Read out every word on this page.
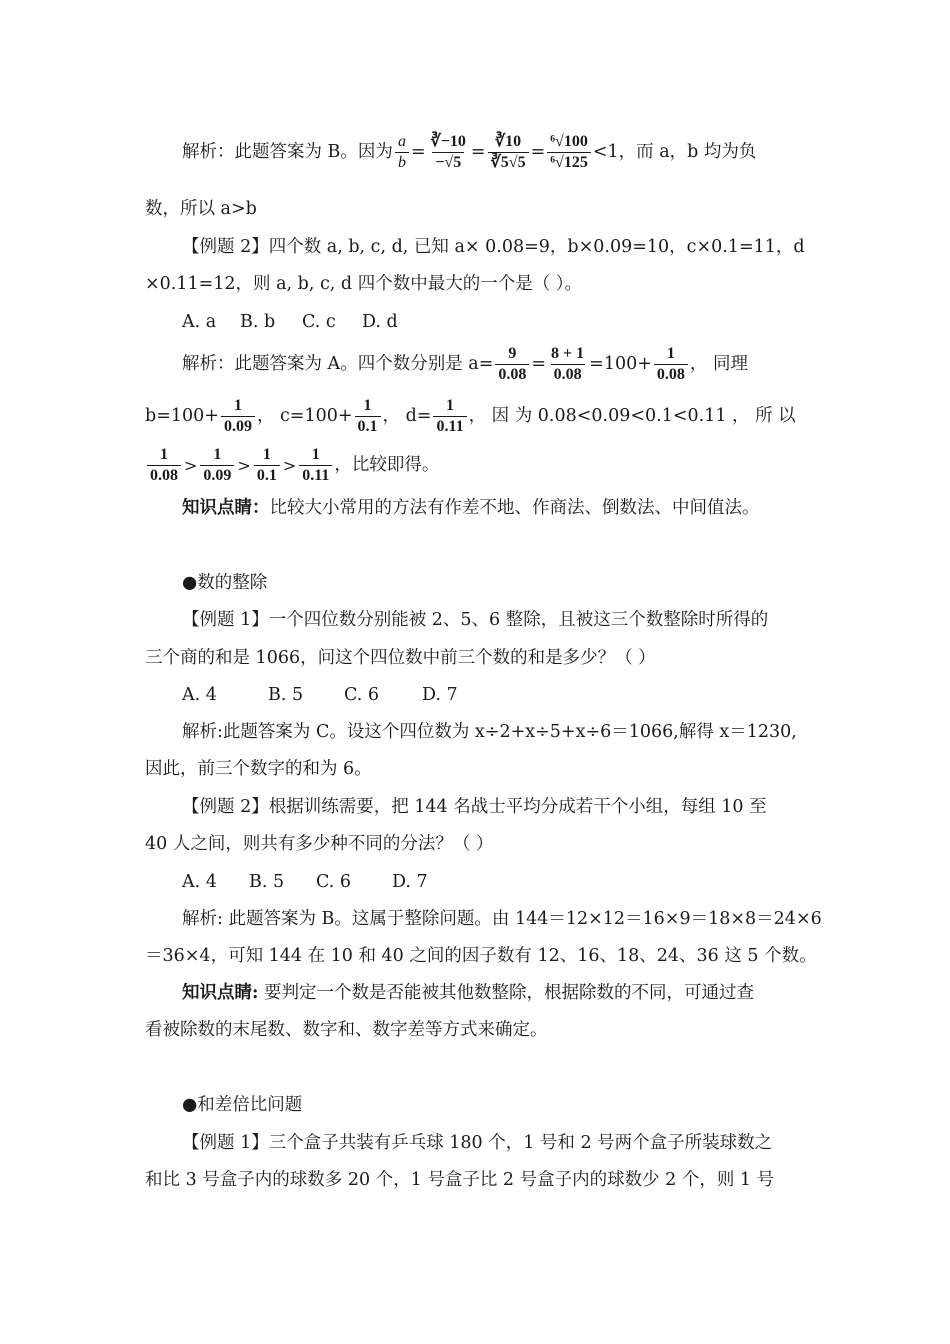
解析：此题答案为 B。因为 $\frac{a}{b} = \frac{∛-10}{-√5} = \frac{∛10}{∛5√5} = \frac{\text{⁶√100}}{\text{⁶√125}} <1$，而 a，b 均为负
数，所以 a>b
【例题 2】四个数 a, b, c, d, 已知 a× 0.08=9，b×0.09=10，c×0.1=11，d
×0.11=12，则 a, b, c, d 四个数中最大的一个是（ ）。
A. a B. b C. c D. d
解析：此题答案为 A。四个数分别是 $a= \frac{9}{0.08} = \frac{8 + 1}{0.08} =100+ \frac{1}{0.08}$ ， 同理
$b=100+ \frac{1}{0.09}$ ， $c=100+ \frac{1}{0.1}$ ， $d= \frac{1}{0.11}$ ， 因 为 0.08<0.09<0.1<0.11 ， 所 以
$\frac{1}{0.08} > \frac{1}{0.09} > \frac{1}{0.1} > \frac{1}{0.11}$ ，比较即得。
知识点睛：比较大小常用的方法有作差不地、作商法、倒数法、中间值法。
●数的整除
【例题 1】一个四位数分别能被 2、5、6 整除，且被这三个数整除时所得的
三个商的和是 1066，问这个四位数中前三个数的和是多少？（ ）
A. 4	B. 5 C. 6 D. 7
解析:此题答案为 C。设这个四位数为 x÷2+x÷5+x÷6＝1066,解得 x＝1230,
因此，前三个数字的和为 6。
【例题 2】根据训练需要，把 144 名战士平均分成若干个小组，每组 10 至
40 人之间，则共有多少种不同的分法？（ ）
A. 4 B. 5 C. 6 D. 7
解析: 此题答案为 B。这属于整除问题。由 144＝12×12＝16×9＝18×8＝24×6
＝36×4，可知 144 在 10 和 40 之间的因子数有 12、16、18、24、36 这 5 个数。
知识点睛: 要判定一个数是否能被其他数整除，根据除数的不同，可通过查
看被除数的末尾数、数字和、数字差等方式来确定。
●和差倍比问题
【例题 1】三个盒子共装有乒乓球 180 个，1 号和 2 号两个盒子所装球数之
和比 3 号盒子内的球数多 20 个，1 号盒子比 2 号盒子内的球数少 2 个，则 1 号
